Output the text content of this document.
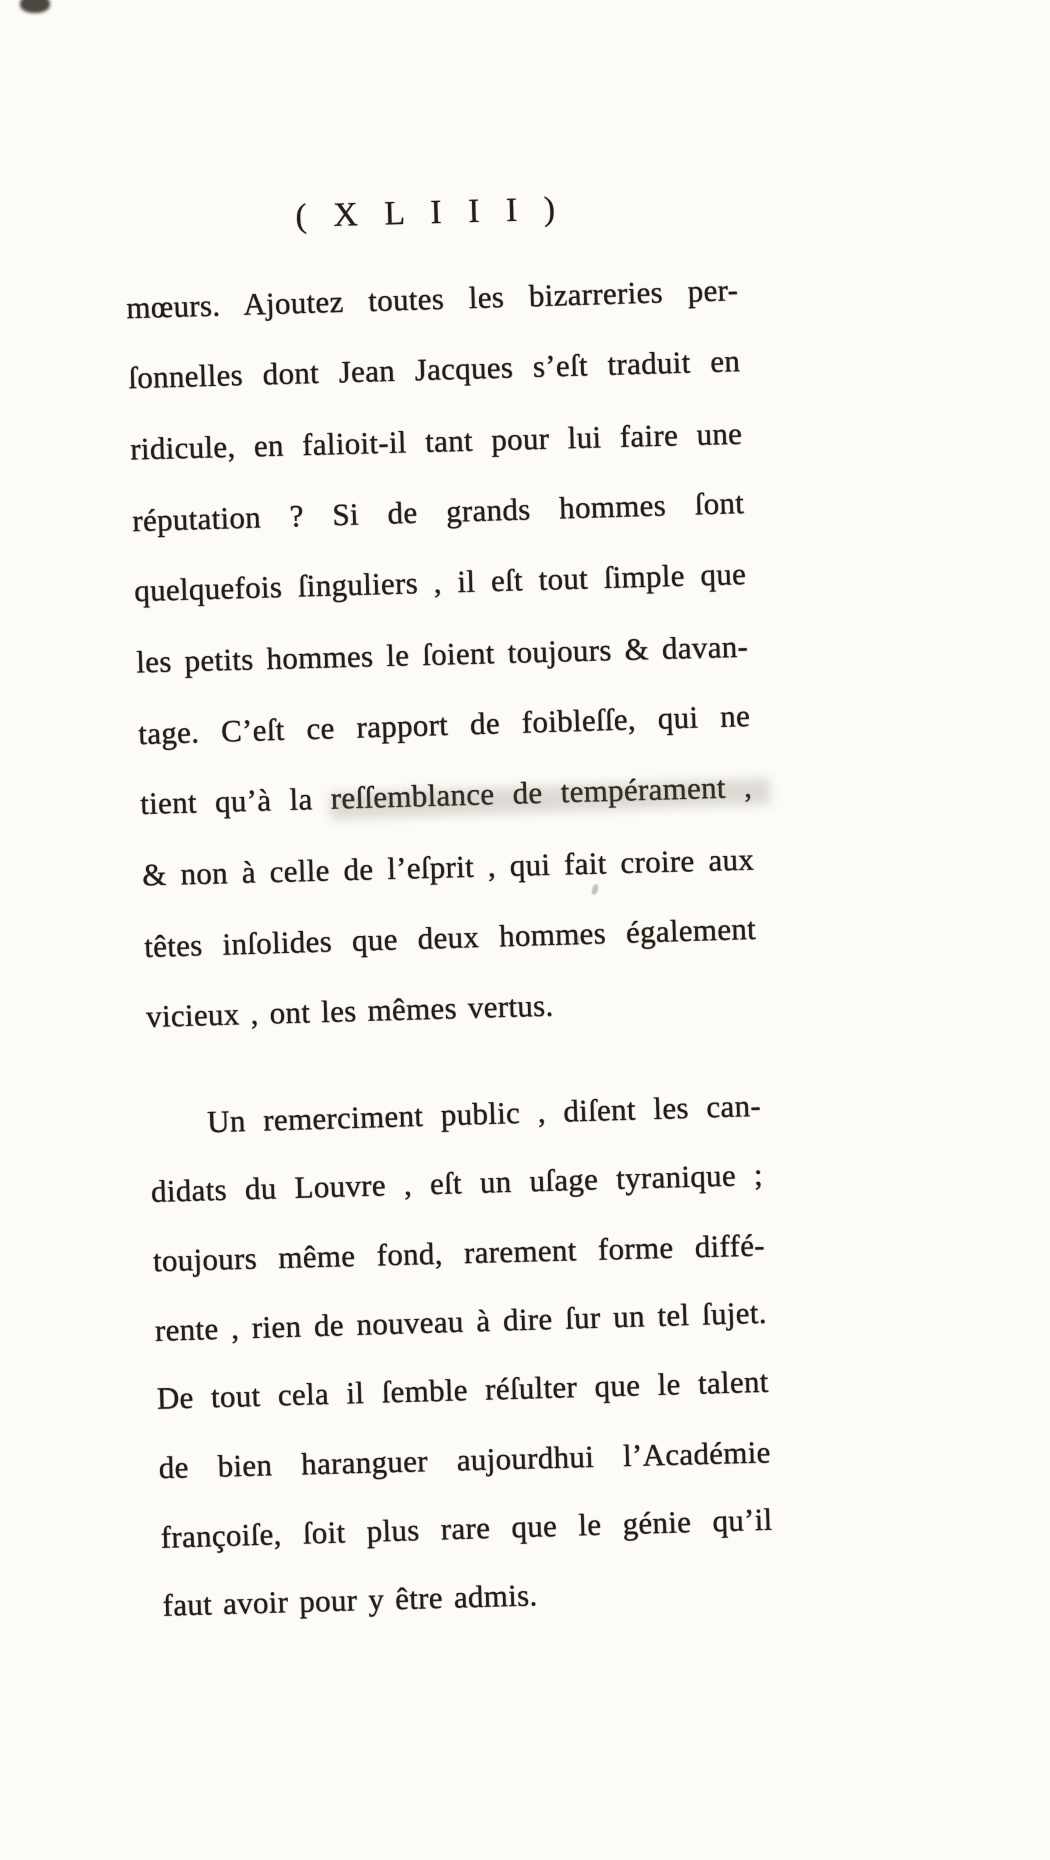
( X L I I I )
mœurs. Ajoutez toutes les bizarreries per-
ſonnelles dont Jean Jacques s’eſt traduit en
ridicule, en falioit-il tant pour lui faire une
réputation ? Si de grands hommes ſont
quelquefois ſinguliers , il eſt tout ſimple que
les petits hommes le ſoient toujours & davan-
tage. C’eſt ce rapport de foibleſſe, qui ne
tient qu’à la reſſemblance de tempérament ,
& non à celle de l’eſprit , qui fait croire aux
têtes inſolides que deux hommes également
vicieux , ont les mêmes vertus.
Un remerciment public , diſent les can-
didats du Louvre , eſt un uſage tyranique ;
toujours même fond, rarement forme diffé-
rente , rien de nouveau à dire ſur un tel ſujet.
De tout cela il ſemble réſulter que le talent
de bien haranguer aujourdhui l’Académie
françoiſe, ſoit plus rare que le génie qu’il
faut avoir pour y être admis.
